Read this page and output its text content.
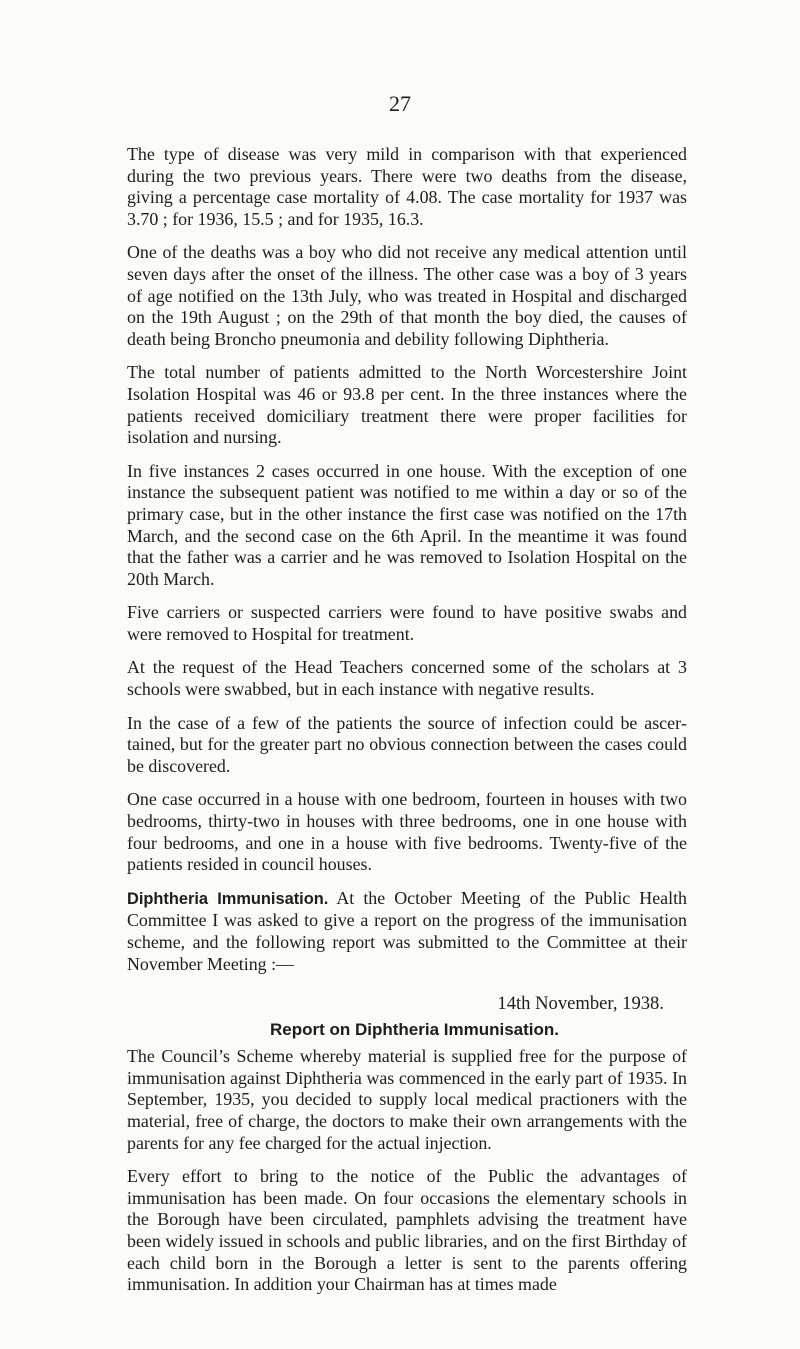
27

The type of disease was very mild in comparison with that experienced during the two previous years. There were two deaths from the disease, giving a percentage case mortality of 4.08. The case mortality for 1937 was 3.70 ; for 1936, 15.5 ; and for 1935, 16.3.

One of the deaths was a boy who did not receive any medical attention until seven days after the onset of the illness. The other case was a boy of 3 years of age notified on the 13th July, who was treated in Hospital and discharged on the 19th August ; on the 29th of that month the boy died, the causes of death being Broncho pneumonia and debility following Diphtheria.

The total number of patients admitted to the North Worcestershire Joint Isolation Hospital was 46 or 93.8 per cent. In the three instances where the patients received domiciliary treatment there were proper facilities for isolation and nursing.

In five instances 2 cases occurred in one house. With the exception of one instance the subsequent patient was notified to me within a day or so of the primary case, but in the other instance the first case was notified on the 17th March, and the second case on the 6th April. In the meantime it was found that the father was a carrier and he was removed to Isolation Hospital on the 20th March.

Five carriers or suspected carriers were found to have positive swabs and were removed to Hospital for treatment.

At the request of the Head Teachers concerned some of the scholars at 3 schools were swabbed, but in each instance with negative results.

In the case of a few of the patients the source of infection could be ascertained, but for the greater part no obvious connection between the cases could be discovered.

One case occurred in a house with one bedroom, fourteen in houses with two bedrooms, thirty-two in houses with three bedrooms, one in one house with four bedrooms, and one in a house with five bedrooms. Twenty-five of the patients resided in council houses.

Diphtheria Immunisation. At the October Meeting of the Public Health Committee I was asked to give a report on the progress of the immunisation scheme, and the following report was submitted to the Committee at their November Meeting :—

14th November, 1938.
Report on Diphtheria Immunisation.

The Council’s Scheme whereby material is supplied free for the purpose of immunisation against Diphtheria was commenced in the early part of 1935. In September, 1935, you decided to supply local medical practioners with the material, free of charge, the doctors to make their own arrangements with the parents for any fee charged for the actual injection.

Every effort to bring to the notice of the Public the advantages of immunisation has been made. On four occasions the elementary schools in the Borough have been circulated, pamphlets advising the treatment have been widely issued in schools and public libraries, and on the first Birthday of each child born in the Borough a letter is sent to the parents offering immunisation. In addition your Chairman has at times made
